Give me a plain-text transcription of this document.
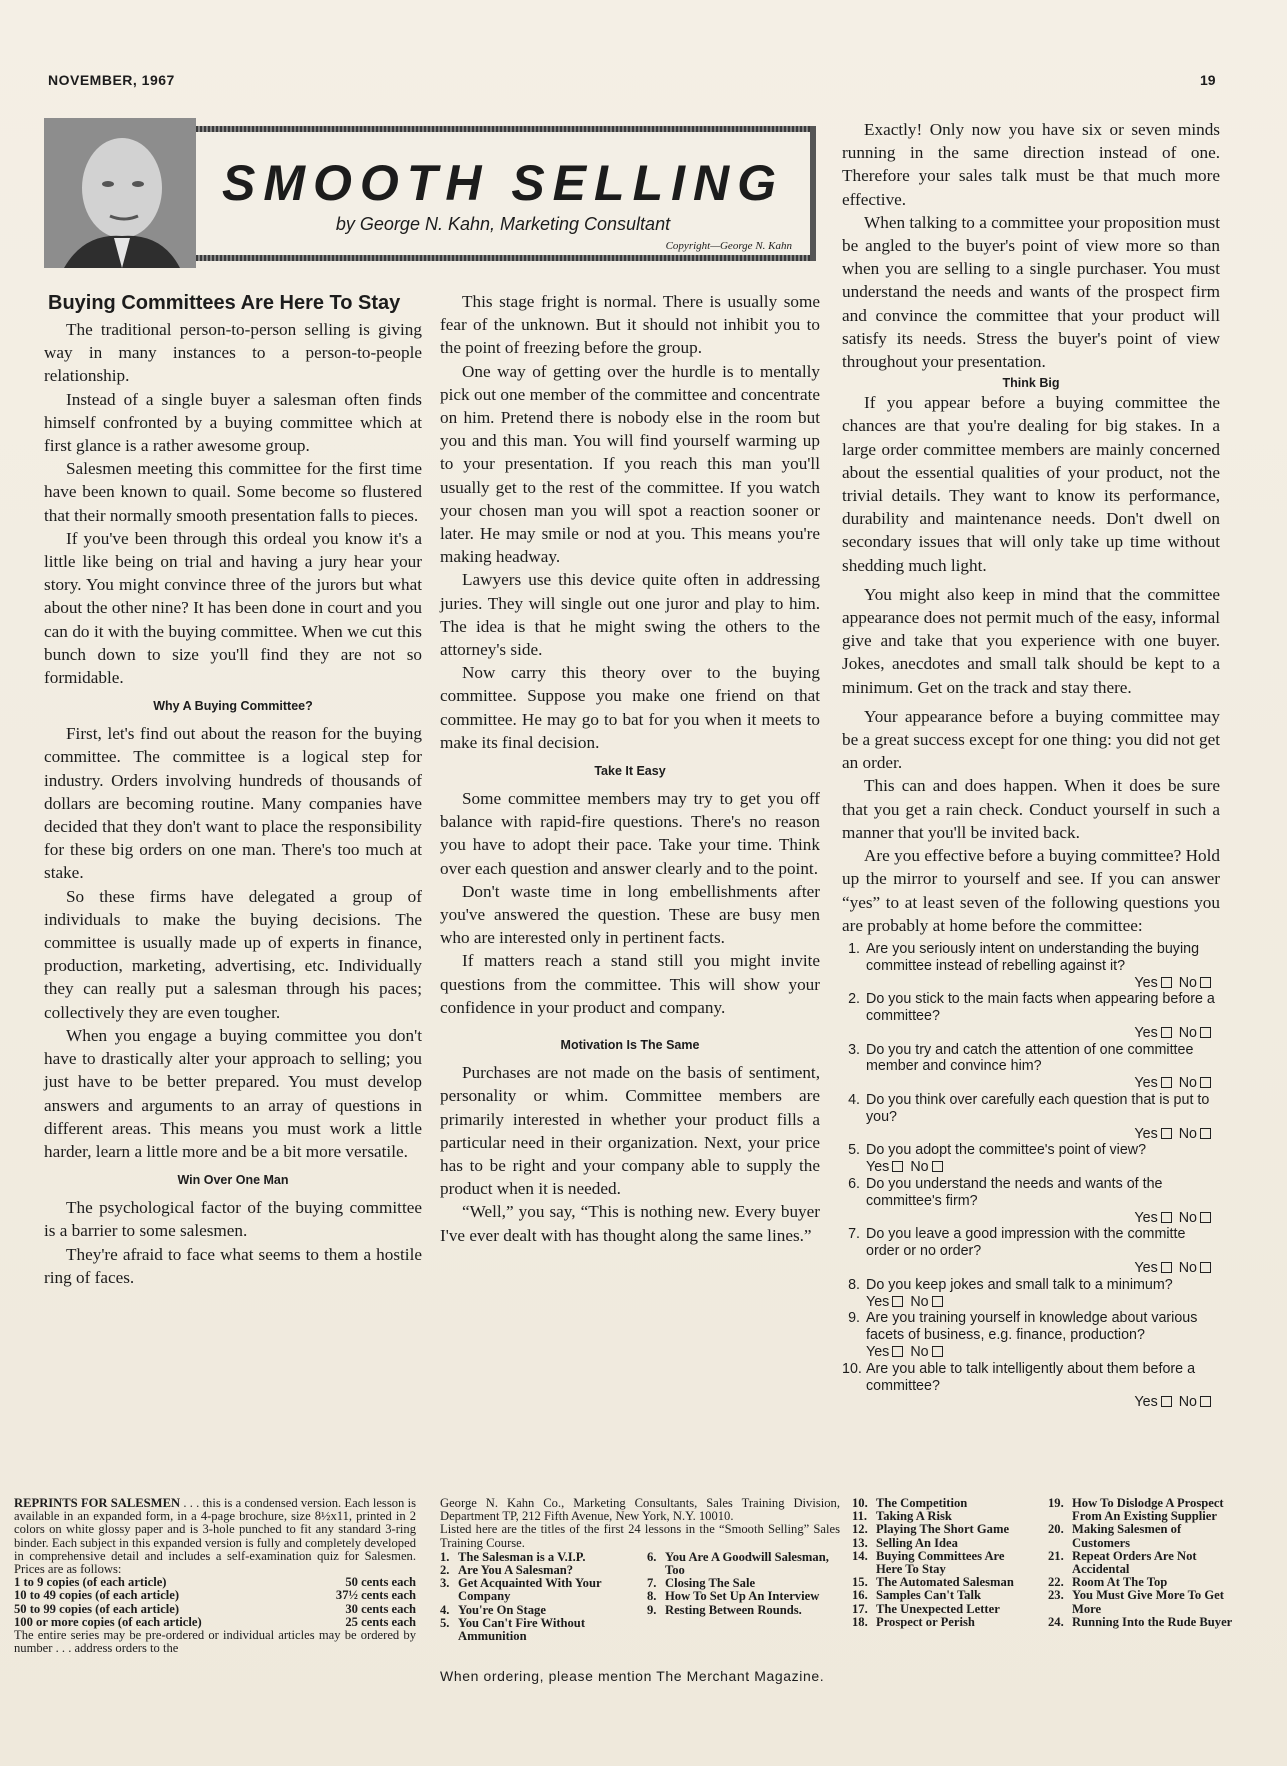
NOVEMBER, 1967	19
SMOOTH SELLING
by George N. Kahn, Marketing Consultant
Copyright—George N. Kahn
Buying Committees Are Here To Stay

The traditional person-to-person selling is giving way in many instances to a person-to-people relationship.

Instead of a single buyer a salesman often finds himself confronted by a buying committee which at first glance is a rather awesome group.

Salesmen meeting this committee for the first time have been known to quail. Some become so flustered that their normally smooth presentation falls to pieces.

If you've been through this ordeal you know it's a little like being on trial and having a jury hear your story. You might convince three of the jurors but what about the other nine? It has been done in court and you can do it with the buying committee. When we cut this bunch down to size you'll find they are not so formidable.

Why A Buying Committee?

First, let's find out about the reason for the buying committee. The committee is a logical step for industry. Orders involving hundreds of thousands of dollars are becoming routine. Many companies have decided that they don't want to place the responsibility for these big orders on one man. There's too much at stake.

So these firms have delegated a group of individuals to make the buying decisions. The committee is usually made up of experts in finance, production, marketing, advertising, etc. Individually they can really put a salesman through his paces; collectively they are even tougher.

When you engage a buying committee you don't have to drastically alter your approach to selling; you just have to be better prepared. You must develop answers and arguments to an array of questions in different areas. This means you must work a little harder, learn a little more and be a bit more versatile.

Win Over One Man

The psychological factor of the buying committee is a barrier to some salesmen.

They're afraid to face what seems to them a hostile ring of faces.

This stage fright is normal. There is usually some fear of the unknown. But it should not inhibit you to the point of freezing before the group.

One way of getting over the hurdle is to mentally pick out one member of the committee and concentrate on him. Pretend there is nobody else in the room but you and this man. You will find yourself warming up to your presentation. If you reach this man you'll usually get to the rest of the committee. If you watch your chosen man you will spot a reaction sooner or later. He may smile or nod at you. This means you're making headway.

Lawyers use this device quite often in addressing juries. They will single out one juror and play to him. The idea is that he might swing the others to the attorney's side.

Now carry this theory over to the buying committee. Suppose you make one friend on that committee. He may go to bat for you when it meets to make its final decision.

Take It Easy

Some committee members may try to get you off balance with rapid-fire questions. There's no reason you have to adopt their pace. Take your time. Think over each question and answer clearly and to the point.

Don't waste time in long embellishments after you've answered the question. These are busy men who are interested only in pertinent facts.

If matters reach a stand still you might invite questions from the committee. This will show your confidence in your product and company.

Motivation Is The Same

Purchases are not made on the basis of sentiment, personality or whim. Committee members are primarily interested in whether your product fills a particular need in their organization. Next, your price has to be right and your company able to supply the product when it is needed.

“Well,” you say, “This is nothing new. Every buyer I've ever dealt with has thought along the same lines.”

Exactly! Only now you have six or seven minds running in the same direction instead of one. Therefore your sales talk must be that much more effective.

When talking to a committee your proposition must be angled to the buyer's point of view more so than when you are selling to a single purchaser. You must understand the needs and wants of the prospect firm and convince the committee that your product will satisfy its needs. Stress the buyer's point of view throughout your presentation.

Think Big

If you appear before a buying committee the chances are that you're dealing for big stakes. In a large order committee members are mainly concerned about the essential qualities of your product, not the trivial details. They want to know its performance, durability and maintenance needs. Don't dwell on secondary issues that will only take up time without shedding much light.

You might also keep in mind that the committee appearance does not permit much of the easy, informal give and take that you experience with one buyer. Jokes, anecdotes and small talk should be kept to a minimum. Get on the track and stay there.

Your appearance before a buying committee may be a great success except for one thing: you did not get an order.

This can and does happen. When it does be sure that you get a rain check. Conduct yourself in such a manner that you'll be invited back.

Are you effective before a buying committee? Hold up the mirror to yourself and see. If you can answer “yes” to at least seven of the following questions you are probably at home before the committee:

1. Are you seriously intent on understanding the buying committee instead of rebelling against it?
Yes No
2. Do you stick to the main facts when appearing before a committee?
Yes No
3. Do you try and catch the attention of one committee member and convince him?
Yes No
4. Do you think over carefully each question that is put to you?
Yes No
5. Do you adopt the committee's point of view?
Yes No
6. Do you understand the needs and wants of the committee's firm?
Yes No
7. Do you leave a good impression with the committe order or no order?
Yes No
8. Do you keep jokes and small talk to a minimum?
Yes No
9. Are you training yourself in knowledge about various facets of business, e.g. finance, production?
Yes No
10. Are you able to talk intelligently about them before a committee?
Yes No
REPRINTS FOR SALESMEN . . . this is a condensed version. Each lesson is available in an expanded form, in a 4-page brochure, size 8½x11, printed in 2 colors on white glossy paper and is 3-hole punched to fit any standard 3-ring binder. Each subject in this expanded version is fully and completely developed in comprehensive detail and includes a self-examination quiz for Salesmen. Prices are as follows:
1 to 9 copies (of each article)	50 cents each
10 to 49 copies (of each article)	37½ cents each
50 to 99 copies (of each article)	30 cents each
100 or more copies (of each article)	25 cents each
The entire series may be pre-ordered or individual articles may be ordered by number . . . address orders to the
George N. Kahn Co., Marketing Consultants, Sales Training Division, Department TP, 212 Fifth Avenue, New York, N.Y. 10010.
Listed here are the titles of the first 24 lessons in the “Smooth Selling” Sales Training Course.
1. The Salesman is a V.I.P.
2. Are You A Salesman?
3. Get Acquainted With Your Company
4. You're On Stage
5. You Can't Fire Without Ammunition
6. You Are A Goodwill Salesman, Too
7. Closing The Sale
8. How To Set Up An Interview
9. Resting Between Rounds.
10. The Competition
11. Taking A Risk
12. Playing The Short Game
13. Selling An Idea
14. Buying Committees Are Here To Stay
15. The Automated Salesman
16. Samples Can't Talk
17. The Unexpected Letter
18. Prospect or Perish
19. How To Dislodge A Prospect From An Existing Supplier
20. Making Salesmen of Customers
21. Repeat Orders Are Not Accidental
22. Room At The Top
23. You Must Give More To Get More
24. Running Into the Rude Buyer
When ordering, please mention The Merchant Magazine.
